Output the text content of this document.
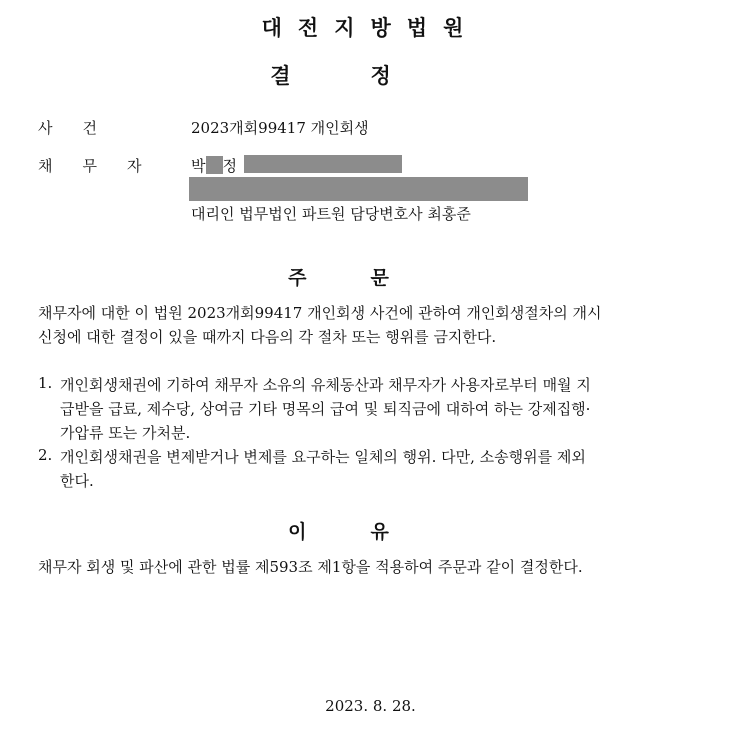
대전지방법원
결정
사건	2023개회99417 개인회생
채무자 박 정
대리인 법무법인 파트원 담당변호사 최홍준
주문
채무자에 대한 이 법원 2023개회99417 개인회생 사건에 관하여 개인회생절차의 개시
신청에 대한 결정이 있을 때까지 다음의 각 절차 또는 행위를 금지한다.
1. 개인회생채권에 기하여 채무자 소유의 유체동산과 채무자가 사용자로부터 매월 지
급받을 급료, 제수당, 상여금 기타 명목의 급여 및 퇴직금에 대하여 하는 강제집행·
가압류 또는 가처분.
2. 개인회생채권을 변제받거나 변제를 요구하는 일체의 행위. 다만, 소송행위를 제외
한다.
이유
채무자 회생 및 파산에 관한 법률 제593조 제1항을 적용하여 주문과 같이 결정한다.
2023. 8. 28.
